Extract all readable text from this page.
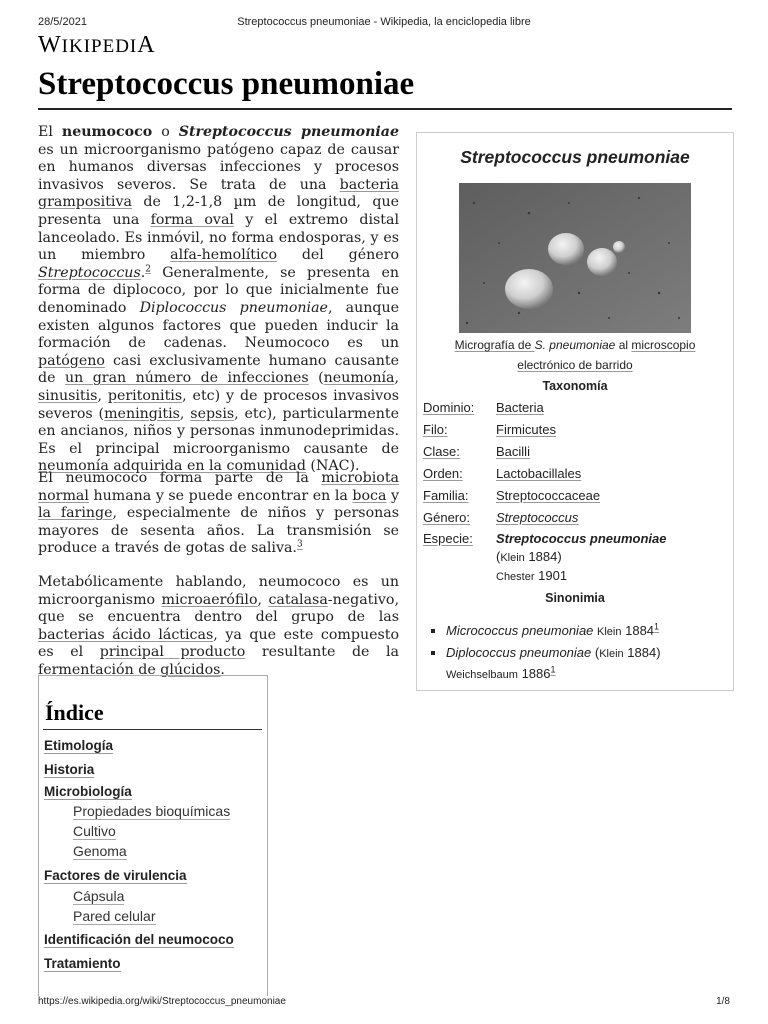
28/5/2021	Streptococcus pneumoniae - Wikipedia, la enciclopedia libre
WIKIPEDIA
Streptococcus pneumoniae

El neumococo o Streptococcus pneumoniae es un microorganismo patógeno capaz de causar en humanos diversas infecciones y procesos invasivos severos. Se trata de una bacteria grampositiva de 1,2-1,8 µm de longitud, que presenta una forma oval y el extremo distal lanceolado. Es inmóvil, no forma endosporas, y es un miembro alfa-hemolítico del género Streptococcus.$^2$ Generalmente, se presenta en forma de diplococo, por lo que inicialmente fue denominado Diplococcus pneumoniae, aunque existen algunos factores que pueden inducir la formación de cadenas. Neumococo es un patógeno casi exclusivamente humano causante de un gran número de infecciones (neumonía, sinusitis, peritonitis, etc) y de procesos invasivos severos (meningitis, sepsis, etc), particularmente en ancianos, niños y personas inmunodeprimidas. Es el principal microorganismo causante de neumonía adquirida en la comunidad (NAC).

El neumococo forma parte de la microbiota normal humana y se puede encontrar en la boca y la faringe, especialmente de niños y personas mayores de sesenta años. La transmisión se produce a través de gotas de saliva.$^3$

Metabólicamente hablando, neumococo es un microorganismo microaerófilo, catalasa-negativo, que se encuentra dentro del grupo de las bacterias ácido lácticas, ya que este compuesto es el principal producto resultante de la fermentación de glúcidos.

Streptococcus pneumoniae
Micrografía de S. pneumoniae al microscopio electrónico de barrido
Taxonomía
Dominio: Bacteria
Filo:	Firmicutes
Clase:	Bacilli
Orden:	Lactobacillales
Familia: Streptococcaceae
Género: Streptococcus
Especie: Streptococcus pneumoniae
(Klein 1884)
Chester 1901
Sinonimia
Micrococcus pneumoniae Klein 1884$^1$
Diplococcus pneumoniae (Klein 1884)
Weichselbaum 1886$^1$
Índice
Etimología
Historia
Microbiología
Propiedades bioquímicas
Cultivo
Genoma
Factores de virulencia
Cápsula
Pared celular
Identificación del neumococo
Tratamiento
https://es.wikipedia.org/wiki/Streptococcus_pneumoniae	1/8
